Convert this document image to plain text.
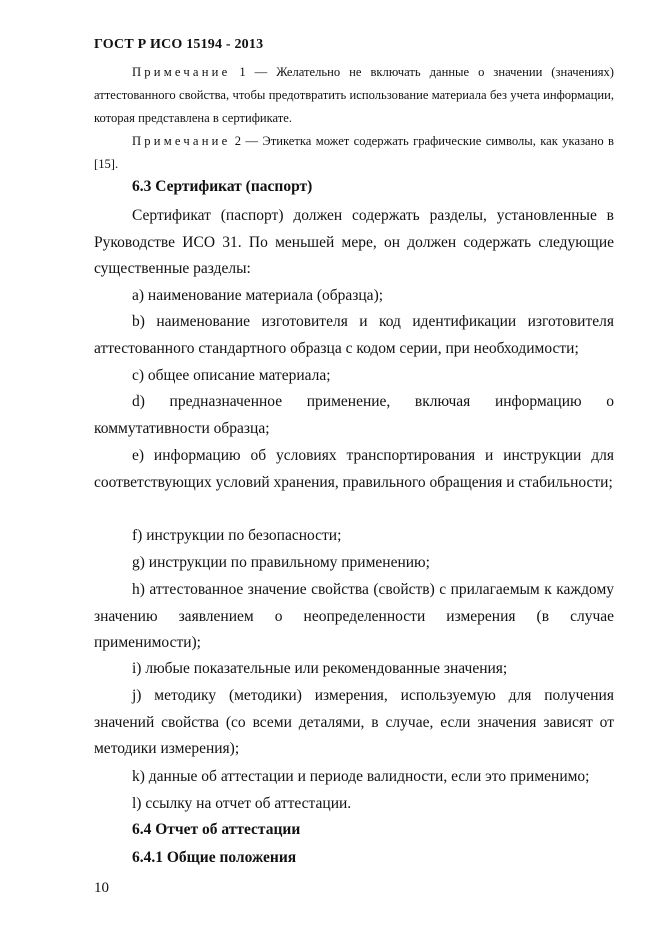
ГОСТ Р ИСО 15194 - 2013
Примечание 1 — Желательно не включать данные о значении (значениях) аттестованного свойства, чтобы предотвратить использование материала без учета информации, которая представлена в сертификате.
Примечание 2 — Этикетка может содержать графические символы, как указано в [15].
6.3 Сертификат (паспорт)
Сертификат (паспорт) должен содержать разделы, установленные в Руководстве ИСО 31. По меньшей мере, он должен содержать следующие существенные разделы:
а) наименование материала (образца);
b) наименование изготовителя и код идентификации изготовителя аттестованного стандартного образца с кодом серии, при необходимости;
c) общее описание материала;
d) предназначенное применение, включая информацию о коммутативности образца;
e) информацию об условиях транспортирования и инструкции для соответствующих условий хранения, правильного обращения и стабильности;
f) инструкции по безопасности;
g) инструкции по правильному применению;
h) аттестованное значение свойства (свойств) с прилагаемым к каждому значению заявлением о неопределенности измерения (в случае применимости);
i) любые показательные или рекомендованные значения;
j) методику (методики) измерения, используемую для получения значений свойства (со всеми деталями, в случае, если значения зависят от методики измерения);
k) данные об аттестации и периоде валидности, если это применимо;
l) ссылку на отчет об аттестации.
6.4 Отчет об аттестации
6.4.1 Общие положения
10
